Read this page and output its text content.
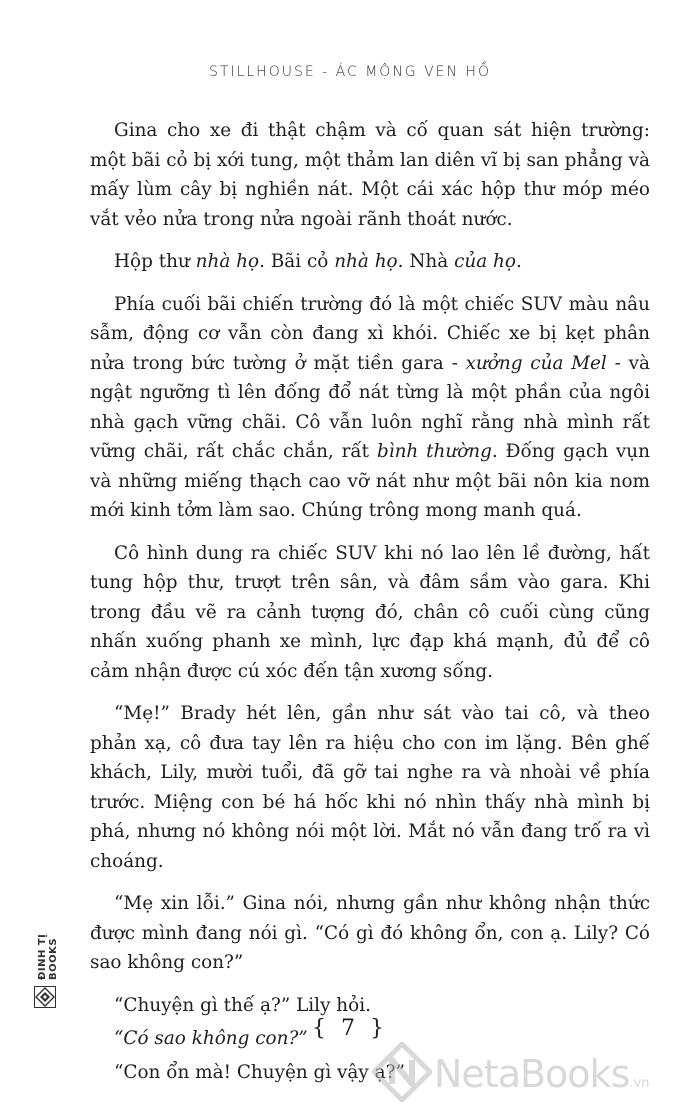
STILLHOUSE - ÁC MỘNG VEN HỒ

Gina cho xe đi thật chậm và cố quan sát hiện trường: một bãi cỏ bị xới tung, một thảm lan diên vĩ bị san phẳng và mấy lùm cây bị nghiền nát. Một cái xác hộp thư móp méo vắt vẻo nửa trong nửa ngoài rãnh thoát nước.

Hộp thư nhà họ. Bãi cỏ nhà họ. Nhà của họ.

Phía cuối bãi chiến trường đó là một chiếc SUV màu nâu sẫm, động cơ vẫn còn đang xì khói. Chiếc xe bị kẹt phân nửa trong bức tường ở mặt tiền gara - xưởng của Mel - và ngật ngưỡng tì lên đống đổ nát từng là một phần của ngôi nhà gạch vững chãi. Cô vẫn luôn nghĩ rằng nhà mình rất vững chãi, rất chắc chắn, rất bình thường. Đống gạch vụn và những miếng thạch cao vỡ nát như một bãi nôn kia nom mới kinh tởm làm sao. Chúng trông mong manh quá.

Cô hình dung ra chiếc SUV khi nó lao lên lề đường, hất tung hộp thư, trượt trên sân, và đâm sầm vào gara. Khi trong đầu vẽ ra cảnh tượng đó, chân cô cuối cùng cũng nhấn xuống phanh xe mình, lực đạp khá mạnh, đủ để cô cảm nhận được cú xóc đến tận xương sống.

“Mẹ!” Brady hét lên, gần như sát vào tai cô, và theo phản xạ, cô đưa tay lên ra hiệu cho con im lặng. Bên ghế khách, Lily, mười tuổi, đã gỡ tai nghe ra và nhoài về phía trước. Miệng con bé há hốc khi nó nhìn thấy nhà mình bị phá, nhưng nó không nói một lời. Mắt nó vẫn đang trố ra vì choáng.

“Mẹ xin lỗi.” Gina nói, nhưng gần như không nhận thức được mình đang nói gì. “Có gì đó không ổn, con ạ. Lily? Có sao không con?”

“Chuyện gì thế ạ?” Lily hỏi.

“Có sao không con?”

“Con ổn mà! Chuyện gì vậy ạ?”

{ 7 }
ĐINH TỊ BOOKS
NetaBooks.vn
